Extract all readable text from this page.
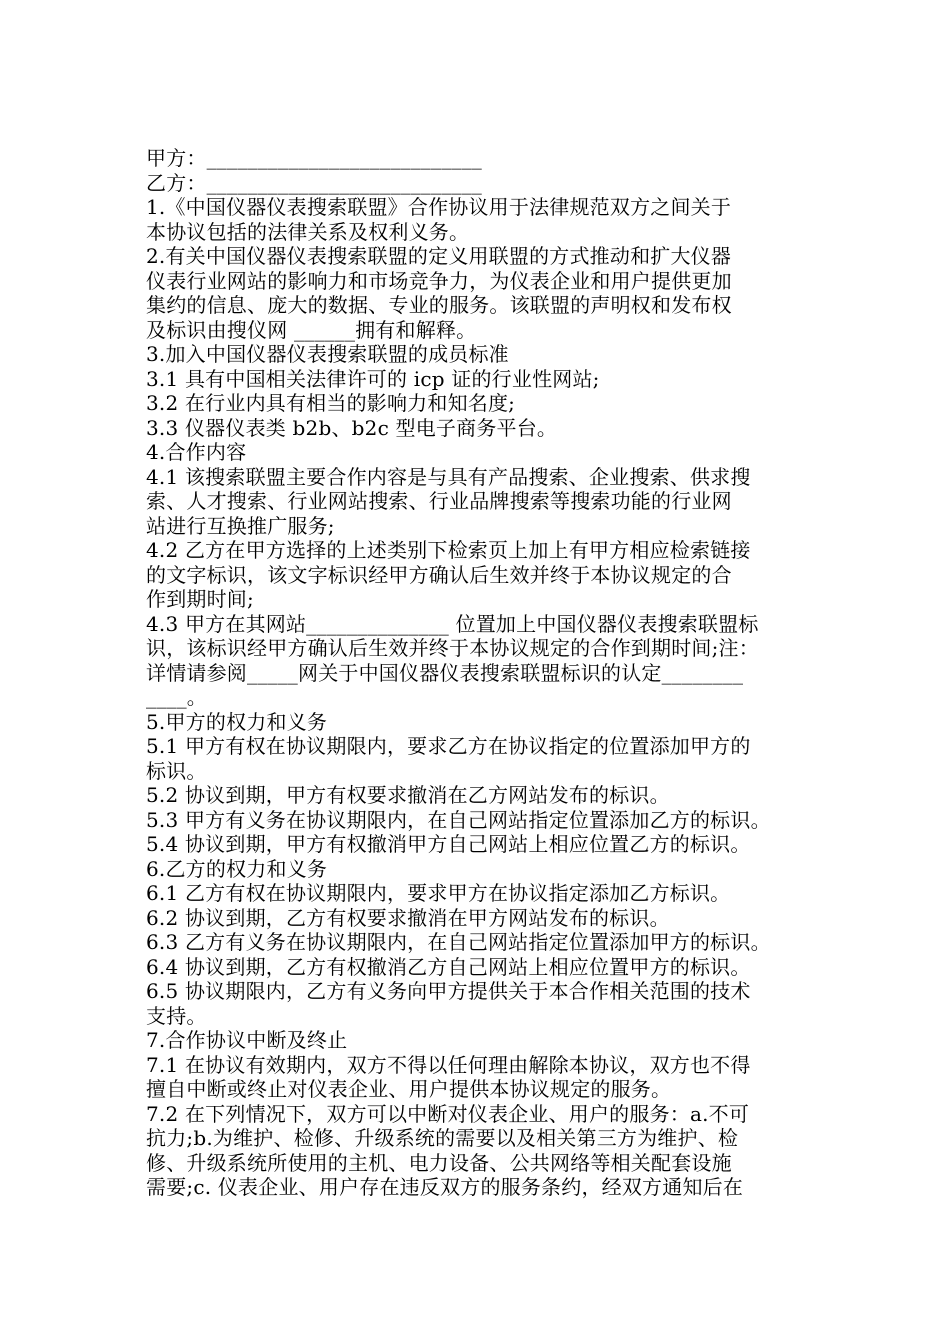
甲方：___________________________
乙方：___________________________
1.《中国仪器仪表搜索联盟》合作协议用于法律规范双方之间关于
本协议包括的法律关系及权利义务。
2.有关中国仪器仪表搜索联盟的定义用联盟的方式推动和扩大仪器
仪表行业网站的影响力和市场竞争力，为仪表企业和用户提供更加
集约的信息、庞大的数据、专业的服务。该联盟的声明权和发布权
及标识由搜仪网 ______拥有和解释。
3.加入中国仪器仪表搜索联盟的成员标准
3.1 具有中国相关法律许可的 icp 证的行业性网站;
3.2 在行业内具有相当的影响力和知名度;
3.3 仪器仪表类 b2b、b2c 型电子商务平台。
4.合作内容
4.1 该搜索联盟主要合作内容是与具有产品搜索、企业搜索、供求搜
索、人才搜索、行业网站搜索、行业品牌搜索等搜索功能的行业网
站进行互换推广服务;
4.2 乙方在甲方选择的上述类别下检索页上加上有甲方相应检索链接
的文字标识，该文字标识经甲方确认后生效并终于本协议规定的合
作到期时间;
4.3 甲方在其网站______________ 位置加上中国仪器仪表搜索联盟标
识，该标识经甲方确认后生效并终于本协议规定的合作到期时间;注：
详情请参阅_____网关于中国仪器仪表搜索联盟标识的认定________
____。
5.甲方的权力和义务
5.1 甲方有权在协议期限内，要求乙方在协议指定的位置添加甲方的
标识。
5.2 协议到期，甲方有权要求撤消在乙方网站发布的标识。
5.3 甲方有义务在协议期限内，在自己网站指定位置添加乙方的标识。
5.4 协议到期，甲方有权撤消甲方自己网站上相应位置乙方的标识。
6.乙方的权力和义务
6.1 乙方有权在协议期限内，要求甲方在协议指定添加乙方标识。
6.2 协议到期，乙方有权要求撤消在甲方网站发布的标识。
6.3 乙方有义务在协议期限内，在自己网站指定位置添加甲方的标识。
6.4 协议到期，乙方有权撤消乙方自己网站上相应位置甲方的标识。
6.5 协议期限内，乙方有义务向甲方提供关于本合作相关范围的技术
支持。
7.合作协议中断及终止
7.1 在协议有效期内，双方不得以任何理由解除本协议，双方也不得
擅自中断或终止对仪表企业、用户提供本协议规定的服务。
7.2 在下列情况下，双方可以中断对仪表企业、用户的服务：a.不可
抗力;b.为维护、检修、升级系统的需要以及相关第三方为维护、检
修、升级系统所使用的主机、电力设备、公共网络等相关配套设施
需要;c. 仪表企业、用户存在违反双方的服务条约，经双方通知后在
